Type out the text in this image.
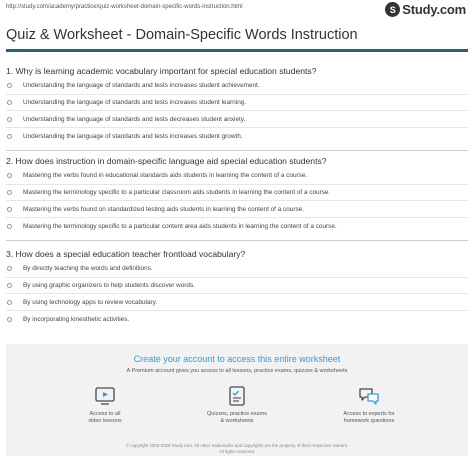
http://study.com/academy/practice/quiz-worksheet-domain-specific-words-instruction.html	S Study.com
Quiz & Worksheet - Domain-Specific Words Instruction
1. Why is learning academic vocabulary important for special education students?
Understanding the language of standards and tests increases student achievement.
Understanding the language of standards and tests increases student learning.
Understanding the language of standards and tests decreases student anxiety.
Understanding the language of standards and tests increases student growth.
2. How does instruction in domain-specific language aid special education students?
Mastering the verbs found in educational standards aids students in learning the content of a course.
Mastering the terminology specific to a particular classroom aids students in learning the content of a course.
Mastering the verbs found on standardized testing aids students in learning the content of a course.
Mastering the terminology specific to a particular content area aids students in learning the content of a course.
3. How does a special education teacher frontload vocabulary?
By directly teaching the words and definitions.
By using graphic organizers to help students discover words.
By using technology apps to review vocabulary.
By incorporating kinesthetic activities.
Create your account to access this entire worksheet
A Premium account gives you access to all lessons, practice exams, quizzes & worksheets
Access to all
video lessons
Quizzes, practice exams
& worksheets
Access to experts for
homework questions
© copyright 2003-2020 Study.com. All other trademarks and copyrights are the property of their respective owners.
All rights reserved.
